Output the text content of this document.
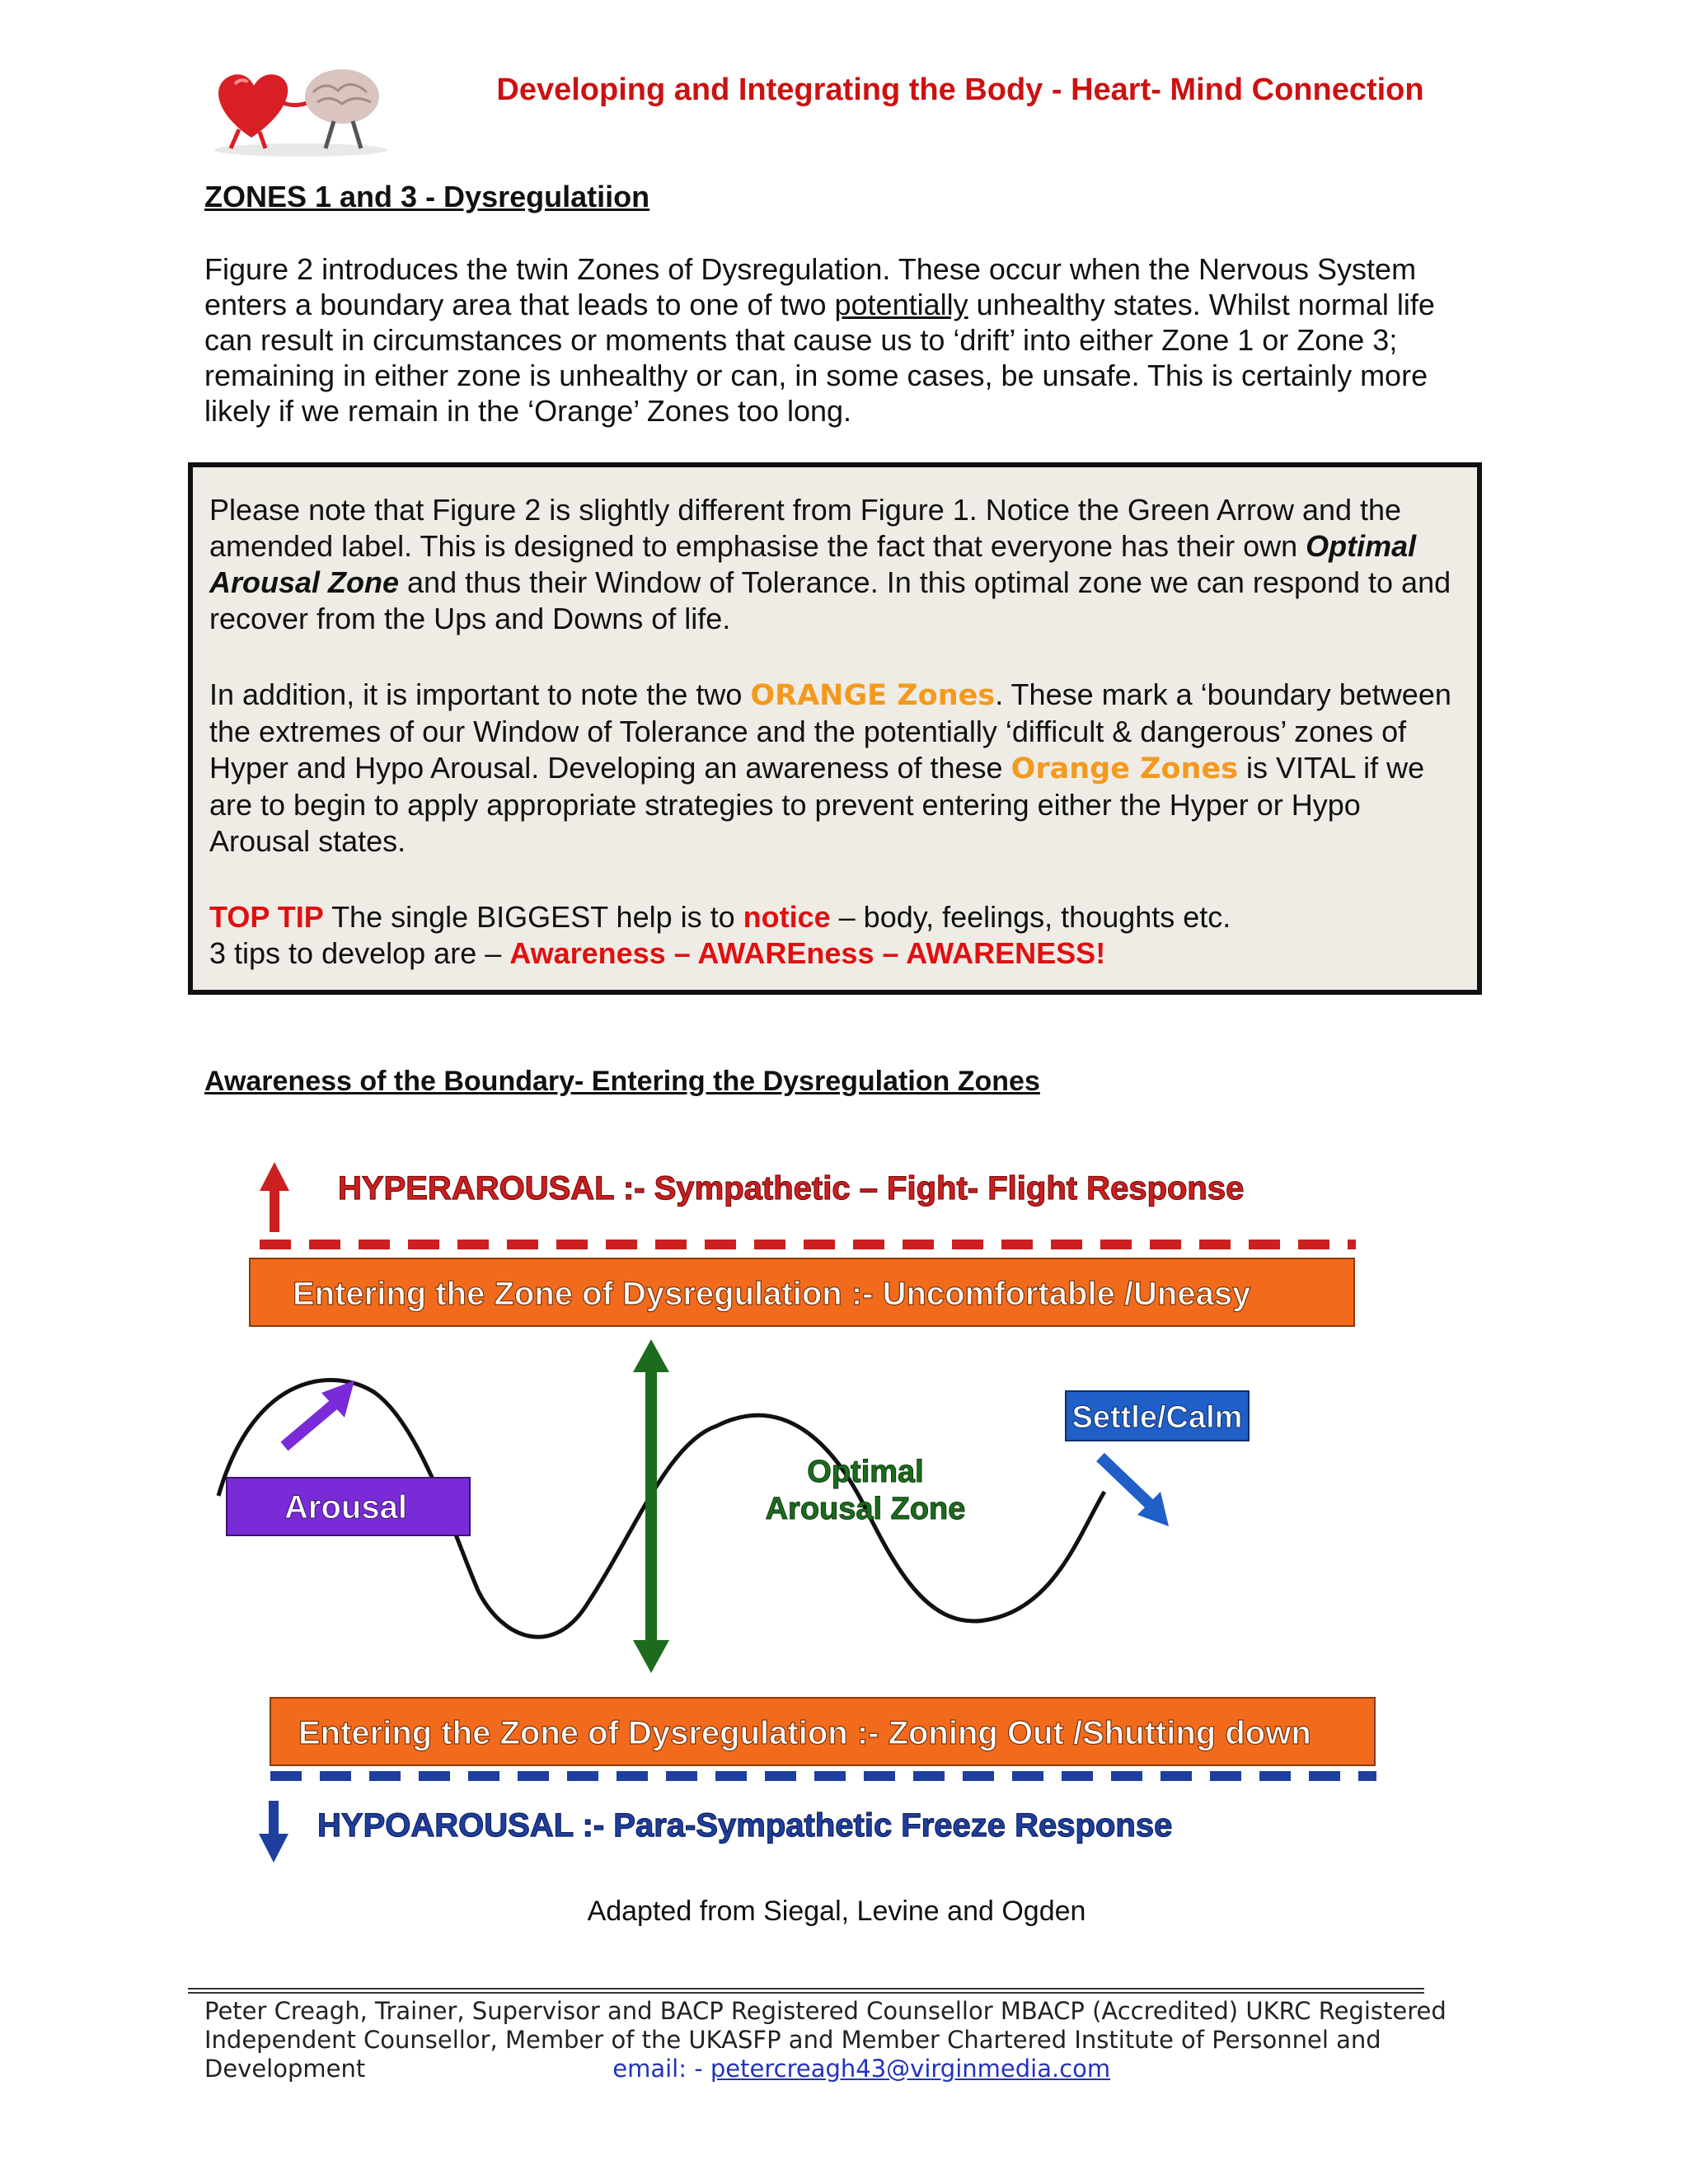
Developing and Integrating the Body - Heart- Mind Connection
ZONES 1 and 3 - Dysregulatiion
Figure 2 introduces the twin Zones of Dysregulation. These occur when the Nervous System enters a boundary area that leads to one of two potentially unhealthy states. Whilst normal life can result in circumstances or moments that cause us to ‘drift’ into either Zone 1 or Zone 3; remaining in either zone is unhealthy or can, in some cases, be unsafe. This is certainly more likely if we remain in the ‘Orange’ Zones too long.

Please note that Figure 2 is slightly different from Figure 1. Notice the Green Arrow and the amended label. This is designed to emphasise the fact that everyone has their own Optimal Arousal Zone and thus their Window of Tolerance. In this optimal zone we can respond to and recover from the Ups and Downs of life.

In addition, it is important to note the two ORANGE Zones. These mark a ‘boundary between the extremes of our Window of Tolerance and the potentially ‘difficult & dangerous’ zones of Hyper and Hypo Arousal. Developing an awareness of these Orange Zones is VITAL if we are to begin to apply appropriate strategies to prevent entering either the Hyper or Hypo Arousal states.

TOP TIP The single BIGGEST help is to notice – body, feelings, thoughts etc.
3 tips to develop are – Awareness – AWAREness – AWARENESS!

Awareness of the Boundary- Entering the Dysregulation Zones
HYPERAROUSAL :- Sympathetic – Fight- Flight Response
Entering the Zone of Dysregulation :- Uncomfortable /Uneasy
Arousal
Optimal
Arousal Zone
Settle/Calm
Entering the Zone of Dysregulation :- Zoning Out /Shutting down
HYPOAROUSAL :- Para-Sympathetic Freeze Response
Adapted from Siegal, Levine and Ogden
Peter Creagh, Trainer, Supervisor and BACP Registered Counsellor MBACP (Accredited) UKRC Registered
Independent Counsellor, Member of the UKASFP and Member Chartered Institute of Personnel and
Development	email: - petercreagh43@virginmedia.com
